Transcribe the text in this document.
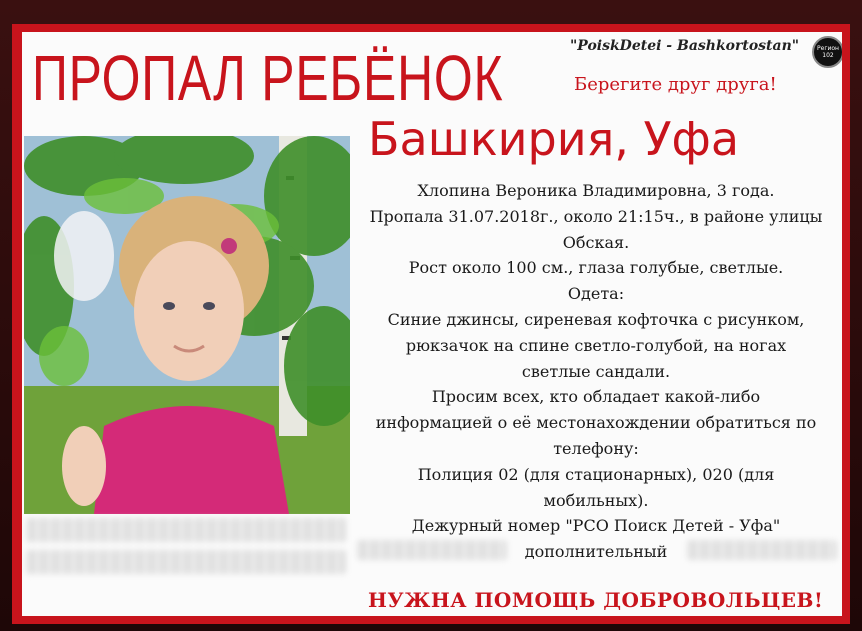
ПРОПАЛ РЕБЁНОК	"PoiskDetei - Bashkortostan"	Регион
102
Берегите друг друга!
Башкирия, Уфа
Хлопина Вероника Владимировна, 3 года.
Пропала 31.07.2018г., около 21:15ч., в районе улицы
Обская.
Рост около 100 см., глаза голубые, светлые.
Одета:
Синие джинсы, сиреневая кофточка с рисунком,
рюкзачок на спине светло-голубой, на ногах
светлые сандали.
Просим всех, кто обладает какой-либо
информацией о её местонахождении обратиться по
телефону:
Полиция 02 (для стационарных), 020 (для
мобильных).
Дежурный номер "РСО Поиск Детей - Уфа"
дополнительный
НУЖНА ПОМОЩЬ ДОБРОВОЛЬЦЕВ!
